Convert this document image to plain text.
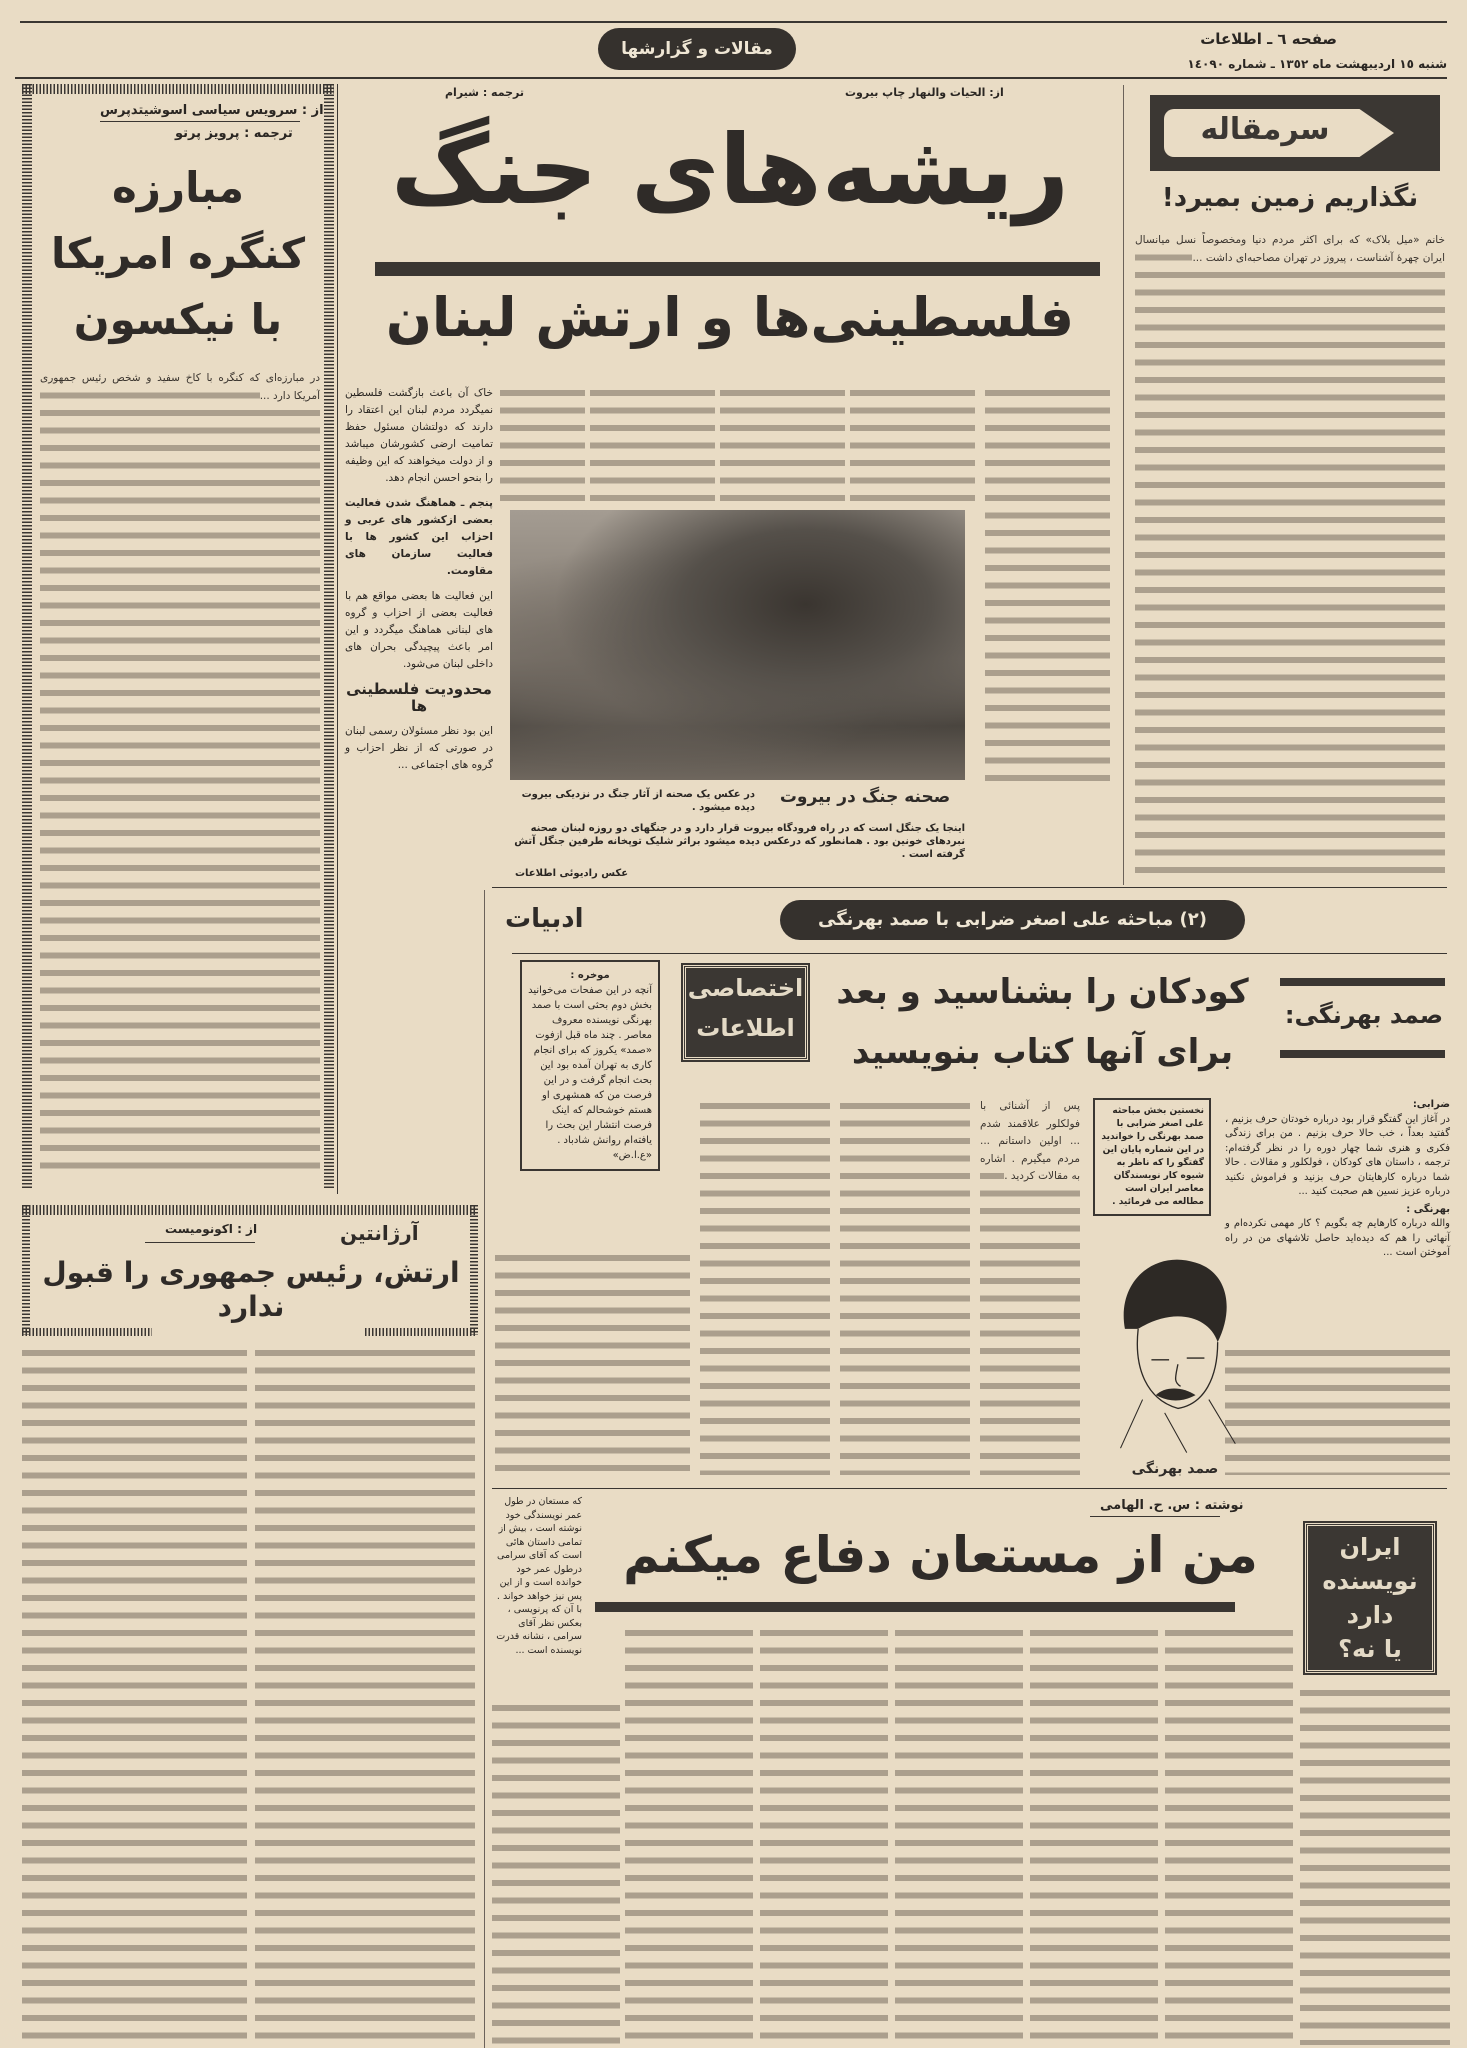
صفحه ٦ ـ اطلاعات
شنبه ١٥ اردیبهشت ماه ١٣٥٢ ـ شماره ١٤٠٩٠
مقالات و گزارشها
سرمقاله
نگذاریم زمین بمیرد!

خانم «میل بلاک» که برای اکثر مردم دنیا ومخصوصاً نسل میانسال ایران چهرهٔ آشناست ، پیروز در تهران مصاحبه‌ای داشت ...

از: الحیات والنهار چاپ بیروت
ترجمه : شیرام
ریشه‌های جنگ
فلسطینی‌ها و ارتش لبنان
خاک آن باعث بازگشت فلسطین نمیگردد مردم لبنان این اعتقاد را دارند که دولتشان مسئول حفظ تمامیت ارضی کشورشان میباشد و از دولت میخواهند که این وظیفه را بنحو احسن انجام دهد.
پنجم ـ هماهنگ شدن فعالیت بعضی ازکشور های عربی و احزاب این کشور ها با فعالیت سازمان های مقاومت.
این فعالیت ها بعضی مواقع هم با فعالیت بعضی از احزاب و گروه های لبنانی هماهنگ میگردد و این امر باعث پیچیدگی بحران های داخلی لبنان می‌شود.
محدودیت فلسطینی ها
این بود نظر مسئولان رسمی لبنان در صورتی که از نظر احزاب و گروه های اجتماعی ...
صحنه جنگ در بیروت
در عکس یک صحنه از آثار جنگ در نزدیکی بیروت دیده میشود .
اینجا یک جنگل است که در راه فرودگاه بیروت قرار دارد و در جنگهای دو روزه لبنان صحنه نبردهای خونین بود . همانطور که درعکس دیده میشود براثر شلیک توپخانه طرفین جنگل آتش گرفته است .
عکس رادیوئی اطلاعات
از : سرویس سیاسی اسوشیتدپرس
ترجمه : پرویز پرتو
مبارزه
کنگره امریکا
با نیکسون

در مبارزه‌ای که کنگره با کاخ سفید و شخص رئیس جمهوری آمریکا دارد ...

از : اکونومیست	آرژانتین
ارتش، رئیس جمهوری را قبول ندارد
(٢) مباحثه علی اصغر ضرابی با صمد بهرنگی
ادبیات
صمد بهرنگی:
کودکان را بشناسید و بعد
برای آنها کتاب بنویسید
اختصاصی
اطلاعات
موخره :
آنچه در این صفحات می‌خوانید بخش دوم بحثی است با صمد بهرنگی نویسنده معروف معاصر . چند ماه قبل ازفوت «صمد» یکروز که برای انجام کاری به تهران آمده بود این بحث انجام گرفت و در این فرصت من که همشهری او هستم خوشحالم که اینک فرصت انتشار این بحث را یافته‌ام روانش شادباد . «ع.ا.ض»
نخستین بخش مباحثه علی اصغر ضرابی با صمد بهرنگی را خواندید در این شماره پایان این گفتگو را که ناظر به شیوه کار نویسندگان معاصر ایران است مطالعه می فرمائید .
ضرابی:
در آغاز این گفتگو قرار بود درباره خودتان حرف بزنیم ، گفتید بعداً ، خب حالا حرف بزنیم . من برای زندگی فکری و هنری شما چهار دوره را در نظر گرفته‌ام: ترجمه ، داستان های کودکان ، فولکلور و مقالات . حالا شما درباره کارهایتان حرف بزنید و فراموش نکنید درباره عزیز نسین هم صحبت کنید ...
بهرنگی :
والله درباره کارهایم چه بگویم ؟ کار مهمی نکرده‌ام و آنهائی را هم که دیده‌اید حاصل تلاشهای من در راه آموختن است ...
صمد بهرنگی

پس از آشنائی با فولکلور علاقمند شدم ... اولین داستانم ... مردم میگیرم . اشاره به مقالات کردید .

نوشته : س. ح. الهامی
من از مستعان دفاع میکنم	ایران
نویسنده
دارد
یا نه؟
که مستعان در طول عمر نویسندگی خود نوشته است ، بیش از تمامی داستان هائی است که آقای سرامی درطول عمر خود خوانده است و از این پس نیز خواهد خواند . با آن که پرنویسی ، بعکس نظر آقای سرامی ، نشانه قدرت نویسنده است ...
